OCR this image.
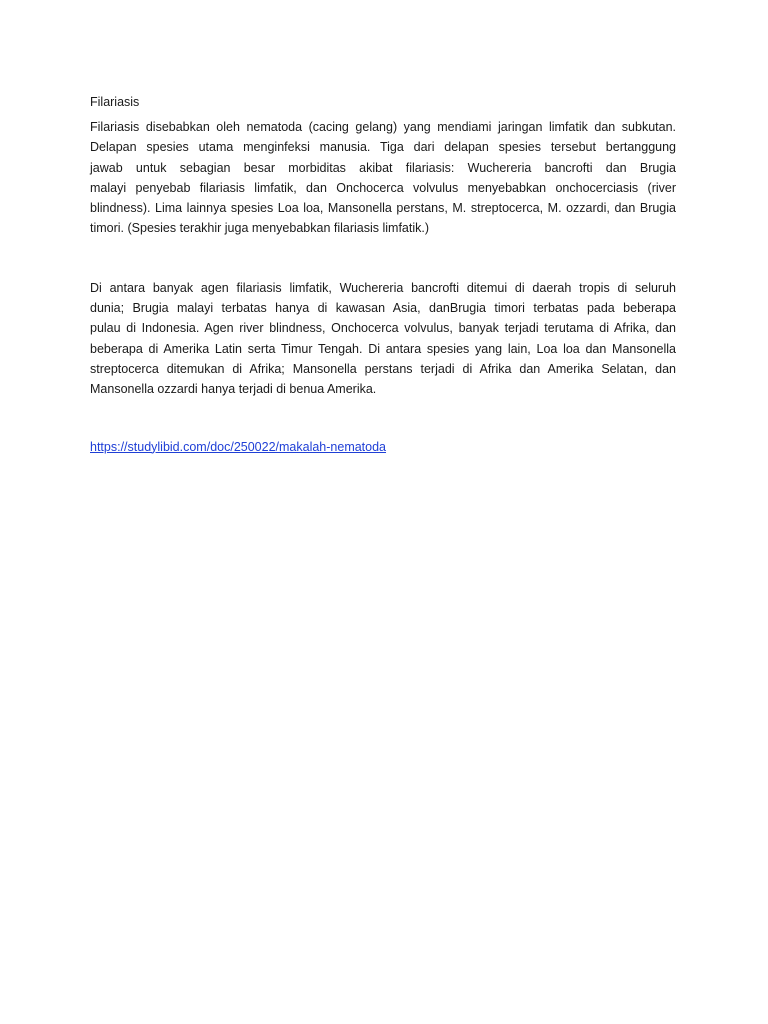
Filariasis

Filariasis disebabkan oleh nematoda (cacing gelang) yang mendiami jaringan limfatik dan subkutan.
Delapan spesies utama menginfeksi manusia. Tiga dari delapan spesies tersebut bertanggung
jawab untuk sebagian besar morbiditas akibat filariasis: Wuchereria bancrofti dan Brugia
malayi penyebab filariasis limfatik, dan Onchocerca volvulus menyebabkan onchocerciasis (river
blindness). Lima lainnya spesies Loa loa, Mansonella perstans, M. streptocerca, M. ozzardi, dan Brugia
timori. (Spesies terakhir juga menyebabkan filariasis limfatik.)

Di antara banyak agen filariasis limfatik, Wuchereria bancrofti ditemui di daerah tropis di seluruh
dunia; Brugia malayi terbatas hanya di kawasan Asia, danBrugia timori terbatas pada beberapa
pulau di Indonesia. Agen river blindness, Onchocerca volvulus, banyak terjadi terutama di Afrika, dan
beberapa di Amerika Latin serta Timur Tengah. Di antara spesies yang lain, Loa loa dan Mansonella
streptocerca ditemukan di Afrika; Mansonella perstans terjadi di Afrika dan Amerika Selatan, dan
Mansonella ozzardi hanya terjadi di benua Amerika.

https://studylibid.com/doc/250022/makalah-nematoda
